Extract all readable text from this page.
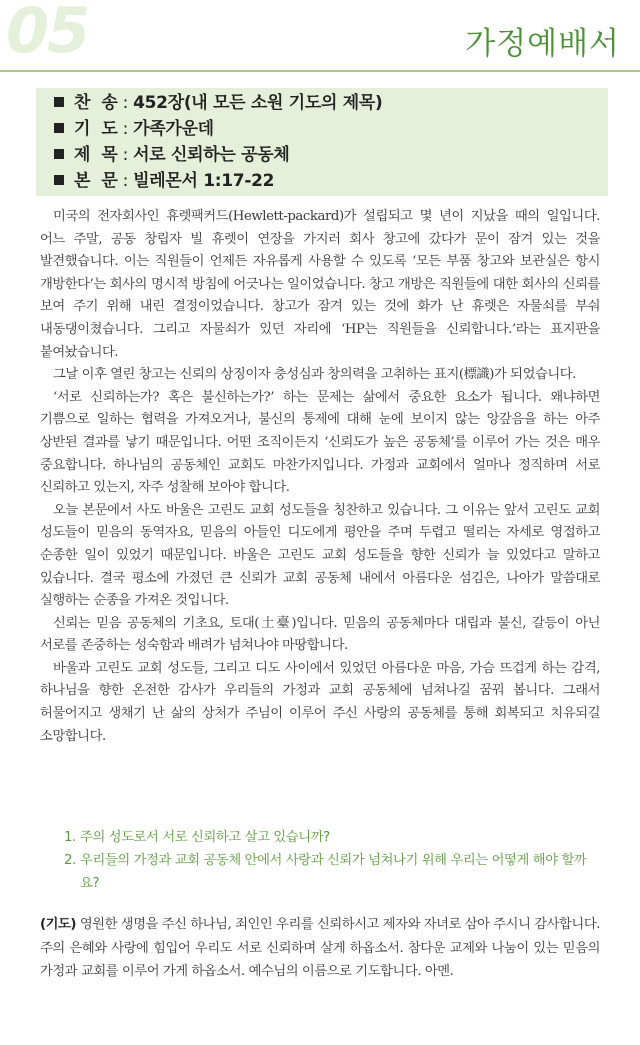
05	가정예배서
찬  송 : 452장(내 모든 소원 기도의 제목)
기  도 : 가족가운데
제  목 : 서로 신뢰하는 공동체
본  문 : 빌레몬서 1:17-22

미국의 전자회사인 휴렛팩커드(Hewlett-packard)가 설립되고 몇 년이 지났을 때의 일입니다. 어느 주말, 공동 창립자 빌 휴렛이 연장을 가지러 회사 창고에 갔다가 문이 잠겨 있는 것을 발견했습니다. 이는 직원들이 언제든 자유롭게 사용할 수 있도록 ‘모든 부품 창고와 보관실은 항시 개방한다’는 회사의 명시적 방침에 어긋나는 일이었습니다. 창고 개방은 직원들에 대한 회사의 신뢰를 보여 주기 위해 내린 결정이었습니다. 창고가 잠겨 있는 것에 화가 난 휴렛은 자물쇠를 부숴 내동댕이쳤습니다. 그리고 자물쇠가 있던 자리에 ‘HP는 직원들을 신뢰합니다.’라는 표지판을 붙여놨습니다.

그날 이후 열린 창고는 신뢰의 상징이자 충성심과 창의력을 고취하는 표지(標識)가 되었습니다.

‘서로 신뢰하는가? 혹은 불신하는가?’ 하는 문제는 삶에서 중요한 요소가 됩니다. 왜냐하면 기쁨으로 일하는 협력을 가져오거나, 불신의 통제에 대해 눈에 보이지 않는 앙갚음을 하는 아주 상반된 결과를 낳기 때문입니다. 어떤 조직이든지 ‘신뢰도가 높은 공동체’를 이루어 가는 것은 매우 중요합니다. 하나님의 공동체인 교회도 마찬가지입니다. 가정과 교회에서 얼마나 정직하며 서로 신뢰하고 있는지, 자주 성찰해 보아야 합니다.

오늘 본문에서 사도 바울은 고린도 교회 성도들을 칭찬하고 있습니다. 그 이유는 앞서 고린도 교회 성도들이 믿음의 동역자요, 믿음의 아들인 디도에게 평안을 주며 두렵고 떨리는 자세로 영접하고 순종한 일이 있었기 때문입니다. 바울은 고린도 교회 성도들을 향한 신뢰가 늘 있었다고 말하고 있습니다. 결국 평소에 가졌던 큰 신뢰가 교회 공동체 내에서 아름다운 섬김은, 나아가 말씀대로 실행하는 순종을 가져온 것입니다.

신뢰는 믿음 공동체의 기초요, 토대(土臺)입니다. 믿음의 공동체마다 대립과 불신, 갈등이 아닌 서로를 존중하는 성숙함과 배려가 넘쳐나야 마땅합니다.

바울과 고린도 교회 성도들, 그리고 디도 사이에서 있었던 아름다운 마음, 가슴 뜨겁게 하는 감격, 하나님을 향한 온전한 감사가 우리들의 가정과 교회 공동체에 넘쳐나길 꿈꿔 봅니다. 그래서 허물어지고 생채기 난 삶의 상처가 주님이 이루어 주신 사랑의 공동체를 통해 회복되고 치유되길 소망합니다.

1. 주의 성도로서 서로 신뢰하고 살고 있습니까?
2. 우리들의 가정과 교회 공동체 안에서 사랑과 신뢰가 넘쳐나기 위해 우리는 어떻게 해야 할까요?
(기도) 영원한 생명을 주신 하나님, 죄인인 우리를 신뢰하시고 제자와 자녀로 삼아 주시니 감사합니다. 주의 은혜와 사랑에 힘입어 우리도 서로 신뢰하며 살게 하옵소서. 참다운 교제와 나눔이 있는 믿음의 가정과 교회를 이루어 가게 하옵소서. 예수님의 이름으로 기도합니다. 아멘.
